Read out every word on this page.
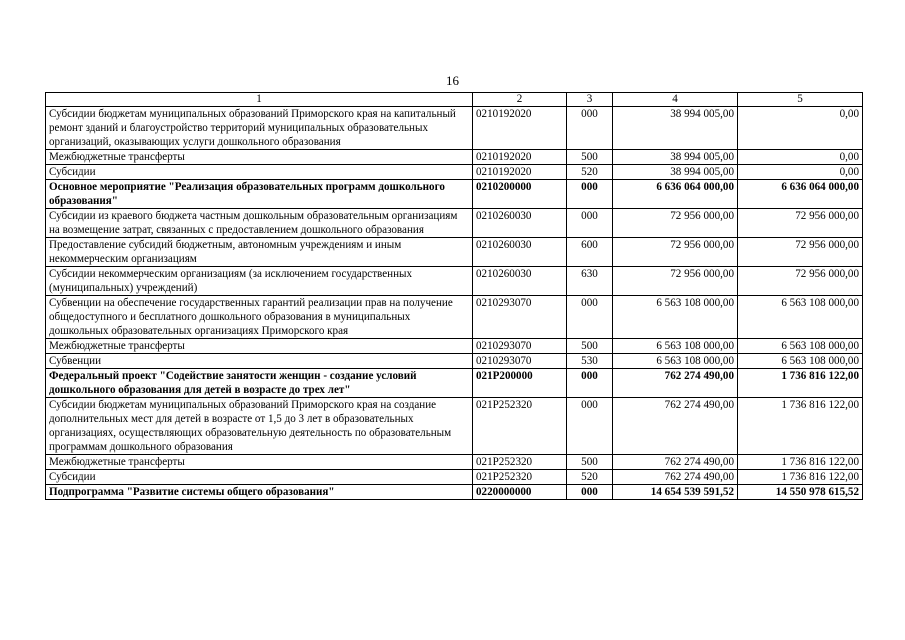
16
1	2	3	4	5
Субсидии бюджетам муниципальных образований Приморского края на капитальный ремонт зданий и благоустройство территорий муниципальных образовательных организаций, оказывающих услуги дошкольного образования	0210192020	000	38 994 005,00	0,00
Межбюджетные трансферты	0210192020	500	38 994 005,00	0,00
Субсидии	0210192020	520	38 994 005,00	0,00
Основное мероприятие "Реализация образовательных программ дошкольного образования"	0210200000	000	6 636 064 000,00	6 636 064 000,00
Субсидии из краевого бюджета частным дошкольным образовательным организациям на возмещение затрат, связанных с предоставлением дошкольного образования	0210260030	000	72 956 000,00	72 956 000,00
Предоставление субсидий бюджетным, автономным учреждениям и иным некоммерческим организациям	0210260030	600	72 956 000,00	72 956 000,00
Субсидии некоммерческим организациям (за исключением государственных (муниципальных) учреждений)	0210260030	630	72 956 000,00	72 956 000,00
Субвенции на обеспечение государственных гарантий реализации прав на получение общедоступного и бесплатного дошкольного образования в муниципальных дошкольных образовательных организациях Приморского края	0210293070	000	6 563 108 000,00	6 563 108 000,00
Межбюджетные трансферты	0210293070	500	6 563 108 000,00	6 563 108 000,00
Субвенции	0210293070	530	6 563 108 000,00	6 563 108 000,00
Федеральный проект "Содействие занятости женщин - создание условий дошкольного образования для детей в возрасте до трех лет"	021P200000	000	762 274 490,00	1 736 816 122,00
Субсидии бюджетам муниципальных образований Приморского края на создание дополнительных мест для детей в возрасте от 1,5 до 3 лет в образовательных организациях, осуществляющих образовательную деятельность по образовательным программам дошкольного образования	021P252320	000	762 274 490,00	1 736 816 122,00
Межбюджетные трансферты	021P252320	500	762 274 490,00	1 736 816 122,00
Субсидии	021P252320	520	762 274 490,00	1 736 816 122,00
Подпрограмма "Развитие системы общего образования"	0220000000	000	14 654 539 591,52	14 550 978 615,52
